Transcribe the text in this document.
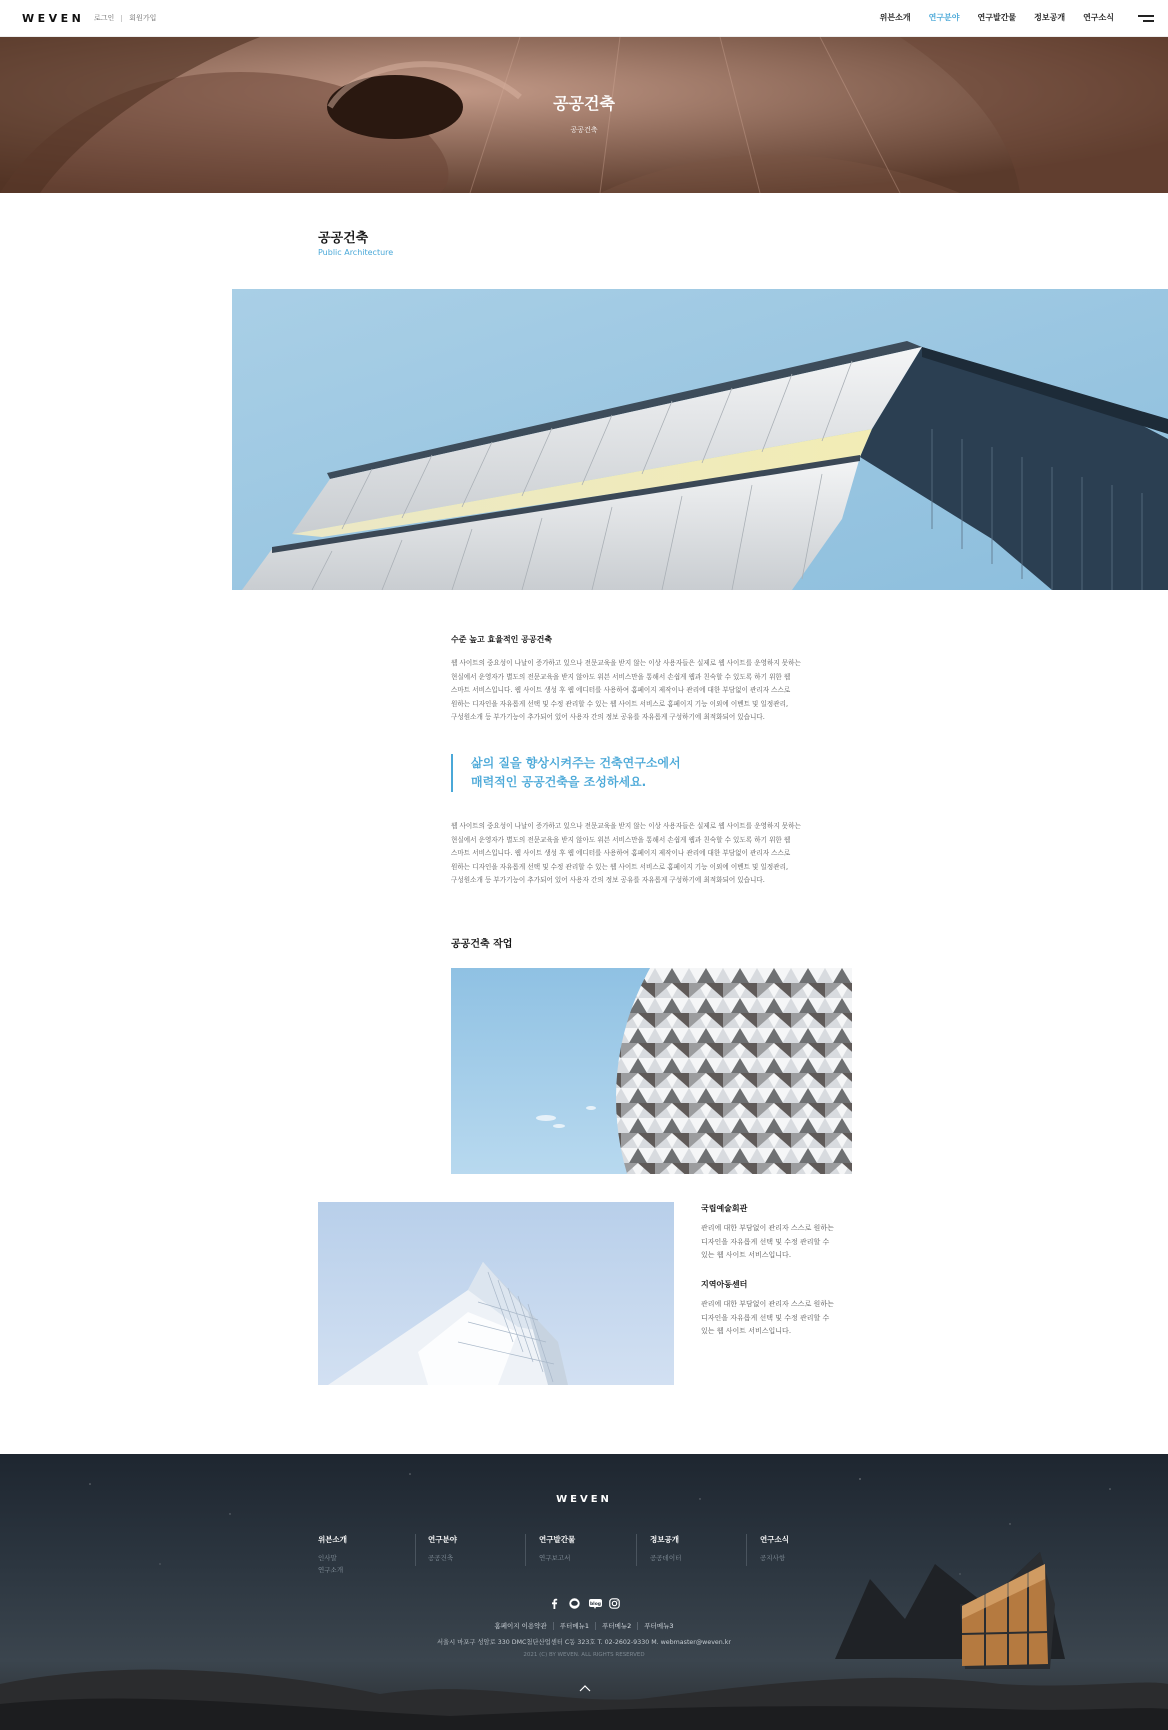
WEVEN 로그인 회원가입	위븐소개 연구분야 연구발간물 정보공개 연구소식
공공건축
공공건축
공공건축
Public Architecture
수준 높고 효율적인 공공건축
웹 사이트의 중요성이 나날이 증가하고 있으나 전문교육을 받지 않는 이상 사용자들은 실제로 웹 사이트를 운영하지 못하는
현실에서 운영자가 별도의 전문교육을 받지 않아도 위븐 서비스만을 통해서 손쉽게 웹과 친숙할 수 있도록 하기 위한 웹
스마트 서비스입니다. 웹 사이트 생성 후 웹 에디터를 사용하여 홈페이지 제작이나 관리에 대한 부담없이 관리자 스스로
원하는 디자인을 자유롭게 선택 및 수정 관리할 수 있는 웹 사이트 서비스로 홈페이지 기능 이외에 이벤트 및 일정관리,
구성원소개 등 부가기능이 추가되어 있어 사용자 간의 정보 공유를 자유롭게 구성하기에 최적화되어 있습니다.
삶의 질을 향상시켜주는 건축연구소에서
매력적인 공공건축을 조성하세요.
웹 사이트의 중요성이 나날이 증가하고 있으나 전문교육을 받지 않는 이상 사용자들은 실제로 웹 사이트를 운영하지 못하는
현실에서 운영자가 별도의 전문교육을 받지 않아도 위븐 서비스만을 통해서 손쉽게 웹과 친숙할 수 있도록 하기 위한 웹
스마트 서비스입니다. 웹 사이트 생성 후 웹 에디터를 사용하여 홈페이지 제작이나 관리에 대한 부담없이 관리자 스스로
원하는 디자인을 자유롭게 선택 및 수정 관리할 수 있는 웹 사이트 서비스로 홈페이지 기능 이외에 이벤트 및 일정관리,
구성원소개 등 부가기능이 추가되어 있어 사용자 간의 정보 공유를 자유롭게 구성하기에 최적화되어 있습니다.
공공건축 작업
국립예술회관
관리에 대한 부담없이 관리자 스스로 원하는
디자인을 자유롭게 선택 및 수정 관리할 수
있는 웹 사이트 서비스입니다.
지역아동센터
관리에 대한 부담없이 관리자 스스로 원하는
디자인을 자유롭게 선택 및 수정 관리할 수
있는 웹 사이트 서비스입니다.
WEVEN
위븐소개
인사말
연구소개
연구분야
공공건축
연구발간물
연구보고서
정보공개
공공데이터
연구소식
공지사항
blog
홈페이지 이용약관	푸터메뉴1	푸터메뉴2	푸터메뉴3
서울시 마포구 성암로 330 DMC첨단산업센터 C동 323호 T. 02-2602-9330 M. webmaster@weven.kr
2021 (C) BY WEVEN. ALL RIGHTS RESERVED
